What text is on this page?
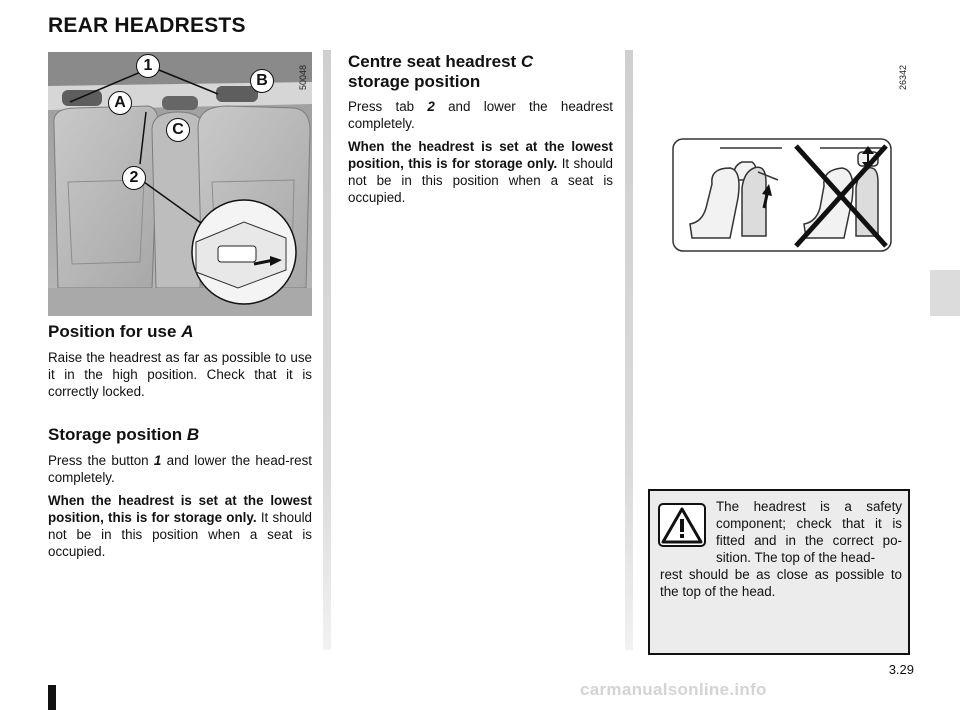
REAR HEADRESTS
1
B
A
C
2
50048
Position for use A

Raise the headrest as far as possible to use it in the high position. Check that it is correctly locked.

Storage position B

Press the button 1 and lower the head-rest completely.

When the headrest is set at the lowest position, this is for storage only. It should not be in this position when a seat is occupied.

Centre seat headrest C
storage position

Press tab 2 and lower the headrest completely.

When the headrest is set at the lowest position, this is for storage only. It should not be in this position when a seat is occupied.

26342

The headrest is a safety component; check that it is fitted and in the correct po-sition. The top of the head-

rest should be as close as possible to the top of the head.

3.29
carmanualsonline.info
